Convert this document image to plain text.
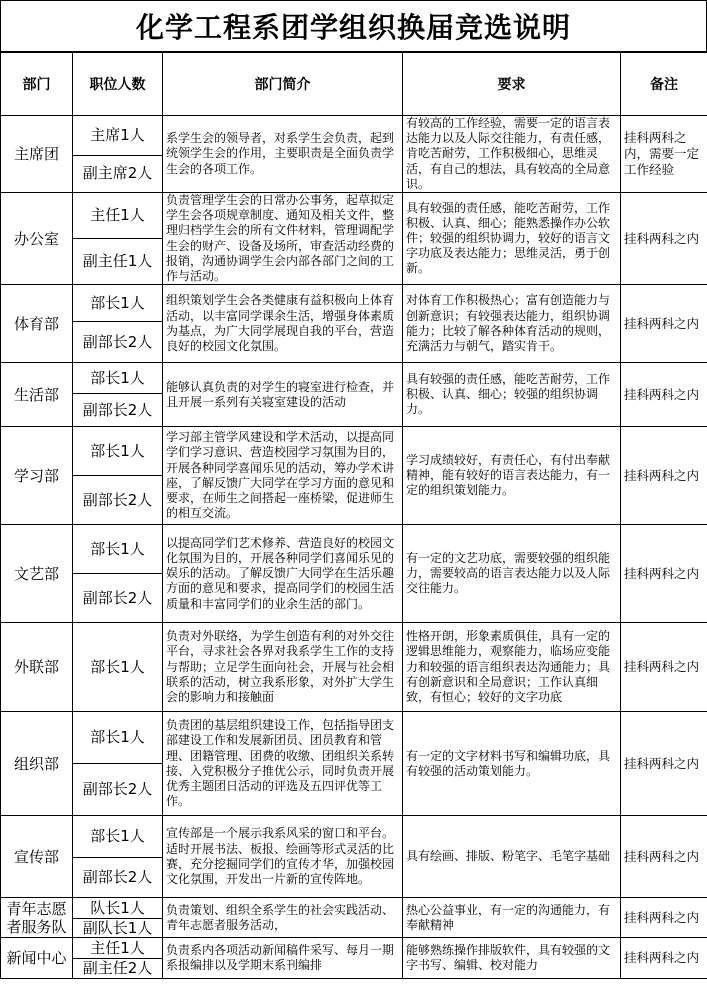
化学工程系团学组织换届竞选说明
部门	职位人数	部门简介	要求	备注
主席团	主席1人	系学生会的领导者，对系学生会负责，起到统领学生会的作用，主要职责是全面负责学生会的各项工作。	有较高的工作经验，需要一定的语言表达能力以及人际交往能力，有责任感，肯吃苦耐劳，工作积极细心，思维灵活，有自己的想法，具有较高的全局意识。	挂科两科之内，需要一定工作经验
	副主席2人			
办公室	主任1人	负责管理学生会的日常办公事务，起草拟定学生会各项规章制度、通知及相关文件，整理归档学生会的所有文件材料，管理调配学生会的财产、设备及场所，审查活动经费的报销，沟通协调学生会内部各部门之间的工作与活动。	具有较强的责任感，能吃苦耐劳，工作积极、认真、细心；能熟悉操作办公软件；较强的组织协调力，较好的语言文字功底及表达能力；思维灵活，勇于创新。	挂科两科之内
	副主任1人			
体育部	部长1人	组织策划学生会各类健康有益积极向上体育活动，以丰富同学课余生活，增强身体素质为基点，为广大同学展现自我的平台，营造良好的校园文化氛围。	对体育工作积极热心；富有创造能力与创新意识；有较强表达能力，组织协调能力；比较了解各种体育活动的规则，充满活力与朝气，踏实肯干。	挂科两科之内
	副部长2人			
生活部	部长1人	能够认真负责的对学生的寝室进行检查，并且开展一系列有关寝室建设的活动	具有较强的责任感，能吃苦耐劳，工作积极、认真、细心；较强的组织协调力。	挂科两科之内
	副部长2人			
学习部	部长1人	学习部主管学风建设和学术活动，以提高同学们学习意识、营造校园学习氛围为目的，开展各种同学喜闻乐见的活动，筹办学术讲座，了解反馈广大同学在学习方面的意见和要求，在师生之间搭起一座桥梁，促进师生的相互交流。	学习成绩较好，有责任心，有付出奉献精神，能有较好的语言表达能力，有一定的组织策划能力。	挂科两科之内
	副部长2人			
文艺部	部长1人	以提高同学们艺术修养、营造良好的校园文化氛围为目的，开展各种同学们喜闻乐见的娱乐的活动。了解反馈广大同学在生活乐趣方面的意见和要求，提高同学们的校园生活质量和丰富同学们的业余生活的部门。	有一定的文艺功底，需要较强的组织能力，需要较高的语言表达能力以及人际交往能力。	挂科两科之内
	副部长2人			
外联部	部长1人	负责对外联络，为学生创造有利的对外交往平台，寻求社会各界对我系学生工作的支持与帮助；立足学生面向社会，开展与社会相联系的活动，树立我系形象，对外扩大学生会的影响力和接触面	性格开朗，形象素质俱佳，具有一定的逻辑思维能力，观察能力，临场应变能力和较强的语言组织表达沟通能力；具有创新意识和全局意识；工作认真细致，有恒心；较好的文字功底	挂科两科之内
组织部	部长1人	负责团的基层组织建设工作，包括指导团支部建设工作和发展新团员、团员教育和管理、团籍管理、团费的收缴、团组织关系转接、入党积极分子推优公示，同时负责开展优秀主题团日活动的评选及五四评优等工作。	有一定的文字材料书写和编辑功底，具有较强的活动策划能力。	挂科两科之内
	副部长2人			
宣传部	部长1人	宣传部是一个展示我系风采的窗口和平台。适时开展书法、板报、绘画等形式灵活的比赛，充分挖掘同学们的宣传才华，加强校园文化氛围，开发出一片新的宣传阵地。	具有绘画、排版、粉笔字、毛笔字基础	挂科两科之内
	副部长2人			
青年志愿者服务队	队长1人	负责策划、组织全系学生的社会实践活动、青年志愿者服务活动，	热心公益事业，有一定的沟通能力，有奉献精神	挂科两科之内
	副队长1人			
新闻中心	主任1人	负责系内各项活动新闻稿件采写、每月一期系报编排以及学期末系刊编排	能够熟练操作排版软件，具有较强的文字书写、编辑、校对能力	挂科两科之内
	副主任2人			
